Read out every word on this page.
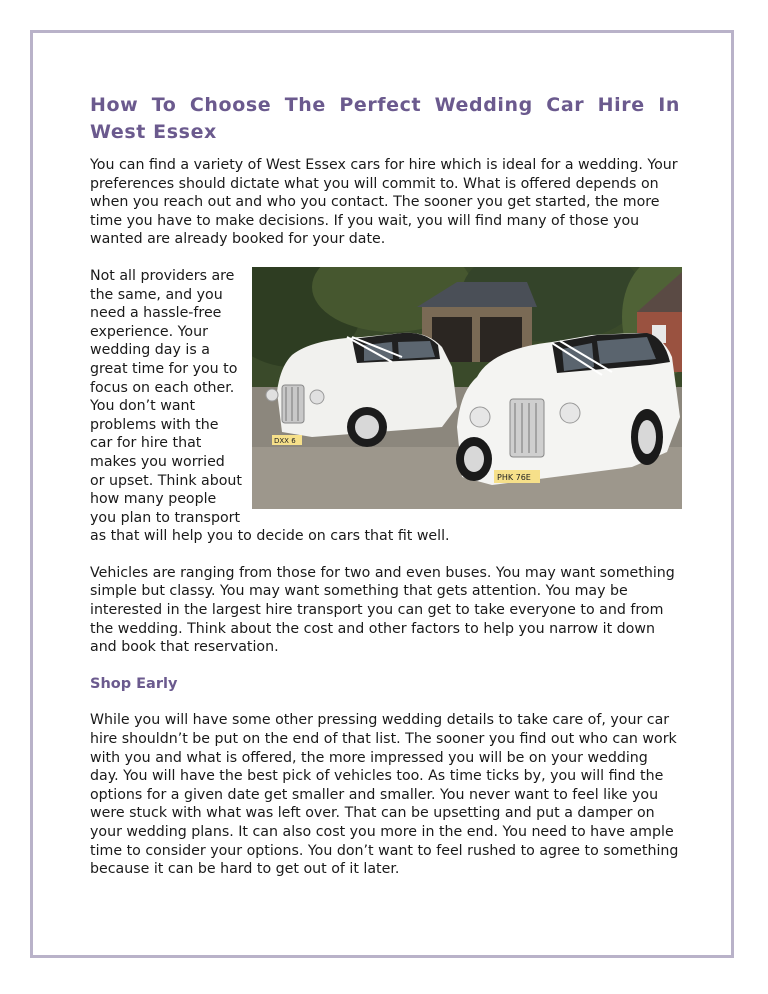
How To Choose The Perfect Wedding Car Hire In West Essex

You can find a variety of West Essex cars for hire which is ideal for a wedding. Your preferences should dictate what you will commit to. What is offered depends on when you reach out and who you contact. The sooner you get started, the more time you have to make decisions. If you wait, you will find many of those you wanted are already booked for your date.

DXX 6
PHK 76E

Not all providers are the same, and you need a hassle-free experience. Your wedding day is a great time for you to focus on each other. You don’t want problems with the car for hire that makes you worried or upset. Think about how many people you plan to transport as that will help you to decide on cars that fit well.

Vehicles are ranging from those for two and even buses. You may want something simple but classy. You may want something that gets attention. You may be interested in the largest hire transport you can get to take everyone to and from the wedding. Think about the cost and other factors to help you narrow it down and book that reservation.

Shop Early

While you will have some other pressing wedding details to take care of, your car hire shouldn’t be put on the end of that list. The sooner you find out who can work with you and what is offered, the more impressed you will be on your wedding day. You will have the best pick of vehicles too. As time ticks by, you will find the options for a given date get smaller and smaller. You never want to feel like you were stuck with what was left over. That can be upsetting and put a damper on your wedding plans. It can also cost you more in the end. You need to have ample time to consider your options. You don’t want to feel rushed to agree to something because it can be hard to get out of it later.
